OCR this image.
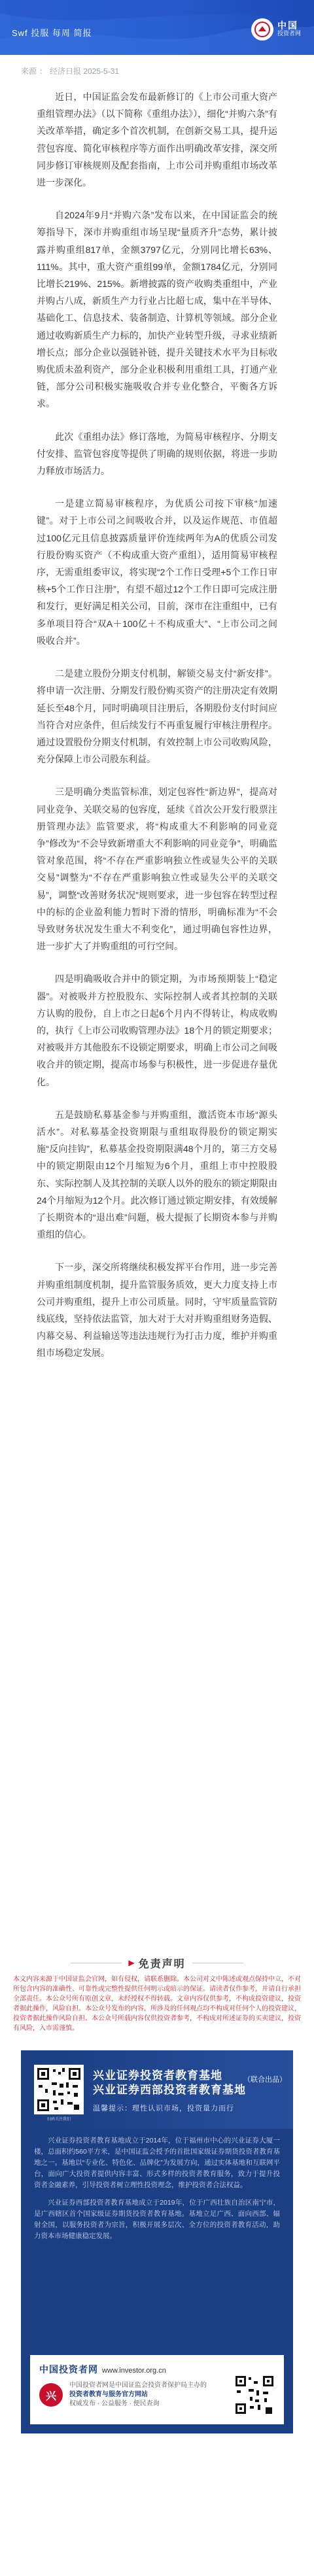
Swf 投服 每周 简报
中国
投资者网
来源 ： 经济日报 2025-5-31

近日，中国证监会发布最新修订的《上市公司重大资产重组管理办法》（以下简称《重组办法》），细化“并购六条”有关改革举措，确定多个首次机制，在创新交易工具，提升运营包容度、简化审核程序等方面作出明确改革安排，深交所同步修订审核规则及配套指南，上市公司并购重组市场改革进一步深化。

自2024年9月“并购六条”发布以来，在中国证监会的统筹指导下，深市并购重组市场呈现“量质齐升”态势，累计披露并购重组817单，金额3797亿元，分别同比增长63%、111%。其中，重大资产重组99单，金额1784亿元，分别同比增长219%、215%。新增披露的资产收购类重组中，产业并购占八成，新质生产力行业占比超七成，集中在半导体、基础化工、信息技术、装备制造、计算机等领域。部分企业通过收购新质生产力标的，加快产业转型升级，寻求业绩新增长点；部分企业以强链补链，提升关键技术水平为目标收购优质未盈利资产，部分企业积极利用重组工具，打通产业链，部分公司积极实施吸收合并专业化整合，平衡各方诉求。

此次《重组办法》修订落地，为简易审核程序、分期支付安排、监管包容度等提供了明确的规则依据，将进一步助力释放市场活力。

一是建立简易审核程序，为优质公司按下审核“加速键”。对于上市公司之间吸收合并，以及运作规范、市值超过100亿元且信息披露质量评价连续两年为A的优质公司发行股份购买资产（不构成重大资产重组），适用简易审核程序，无需重组委审议，将实现“2个工作日受理+5个工作日审核+5个工作日注册”，有望不超过12个工作日即可完成注册和发行，更好满足相关公司，目前，深市在注重组中，已有多单项目符合“双A＋100亿＋不构成重大”、“上市公司之间吸收合并”。

二是建立股份分期支付机制，解锁交易支付“新安排”。将申请一次注册、分期发行股份购买资产的注册决定有效期延长至48个月，同时明确项目注册后，各期股份支付时间应当符合对应条件，但后续发行不再重复履行审核注册程序。通过设置股份分期支付机制，有效控制上市公司收购风险，充分保障上市公司股东利益。

三是明确分类监管标准，划定包容性“新边界”，提高对同业竞争、关联交易的包容度，延续《首次公开发行股票注册管理办法》监管要求，将“构成重大不利影响的同业竞争”修改为“不会导致新增重大不利影响的同业竞争”，明确监管对象范围，将“不存在严重影响独立性或显失公平的关联交易”调整为“不存在严重影响独立性或显失公平的关联交易”，调整“改善财务状况”规则要求，进一步包容在转型过程中的标的企业盈利能力暂时下滑的情形，明确标准为“不会导致财务状况发生重大不利变化”，通过明确包容性边界，进一步扩大了并购重组的可行空间。

四是明确吸收合并中的锁定期，为市场预期装上“稳定器”。对被吸并方控股股东、实际控制人或者其控制的关联方认购的股份，自上市之日起6个月内不得转让，构成收购的，执行《上市公司收购管理办法》18个月的锁定期要求；对被吸并方其他股东不设锁定期要求，明确上市公司之间吸收合并的锁定期，提高市场参与积极性，进一步促进存量优化。

五是鼓励私募基金参与并购重组，激活资本市场“源头活水”。对私募基金投资期限与重组取得股份的锁定期实施“反向挂钩”，私募基金投资期限满48个月的，第三方交易中的锁定期限由12个月缩短为6个月，重组上市中控股股东、实际控制人及其控制的关联人以外的股东的锁定期限由24个月缩短为12个月。此次修订通过锁定期安排，有效缓解了长期资本的“退出难”问题，极大提振了长期资本参与并购重组的信心。

下一步，深交所将继续积极发挥平台作用，进一步完善并购重组制度机制，提升监管服务质效，更大力度支持上市公司并购重组，提升上市公司质量。同时，守牢质量监管防线底线，坚持依法监管，加大对于大对并购重组财务造假、内幕交易、利益输送等违法违规行为打击力度，维护并购重组市场稳定发展。

▶ 免责声明
本文内容来源于中国证监会官网，如有侵权，请联系删除。本公司对文中陈述或观点保持中立，不对所包含内容的准确性、可靠性或完整性提供任何明示或暗示的保证。请读者仅作参考，并请自行承担全部责任。本公众号所有原创文章，未经授权不得转载。文章内容仅供参考，不构成投资建议，投资者据此操作，风险自担。本公众号发布的内容，所涉及的任何观点均不构成对任何个人的投资建议，投资者据此操作风险自担。本公众号所载内容仅供投资者参考，不构成对所述证券的买卖建议，投资有风险，入市需谨慎。
扫码关注我们
兴业证券投资者教育基地
兴业证券西部投资者教育基地
（联合出品）
温馨提示：理性认识市场，投资量力而行

兴业证券投资者教育基地成立于2014年，位于福州市中心的兴业证券大厦一楼，总面积约560平方米，是中国证监会授予的首批国家级证券期货投资者教育基地之一。基地以“专业化、特色化、品牌化”为发展方向，通过实体基地和互联网平台，面向广大投资者提供内容丰富、形式多样的投资者教育服务，致力于提升投资者金融素养，引导投资者树立理性投资理念，维护投资者合法权益。

兴业证券西部投资者教育基地成立于2019年，位于广西壮族自治区南宁市，是广西辖区首个国家级证券期货投资者教育基地。基地立足广西、面向西部、辐射全国，以服务投资者为宗旨，积极开展多层次、全方位的投资者教育活动，助力资本市场健康稳定发展。

中国投资者网 www.investor.org.cn
兴
中国投资者网是中国证监会投资者保护局主办的
投资者教育与服务官方网站
权威发布 · 公益服务 · 便民查询
